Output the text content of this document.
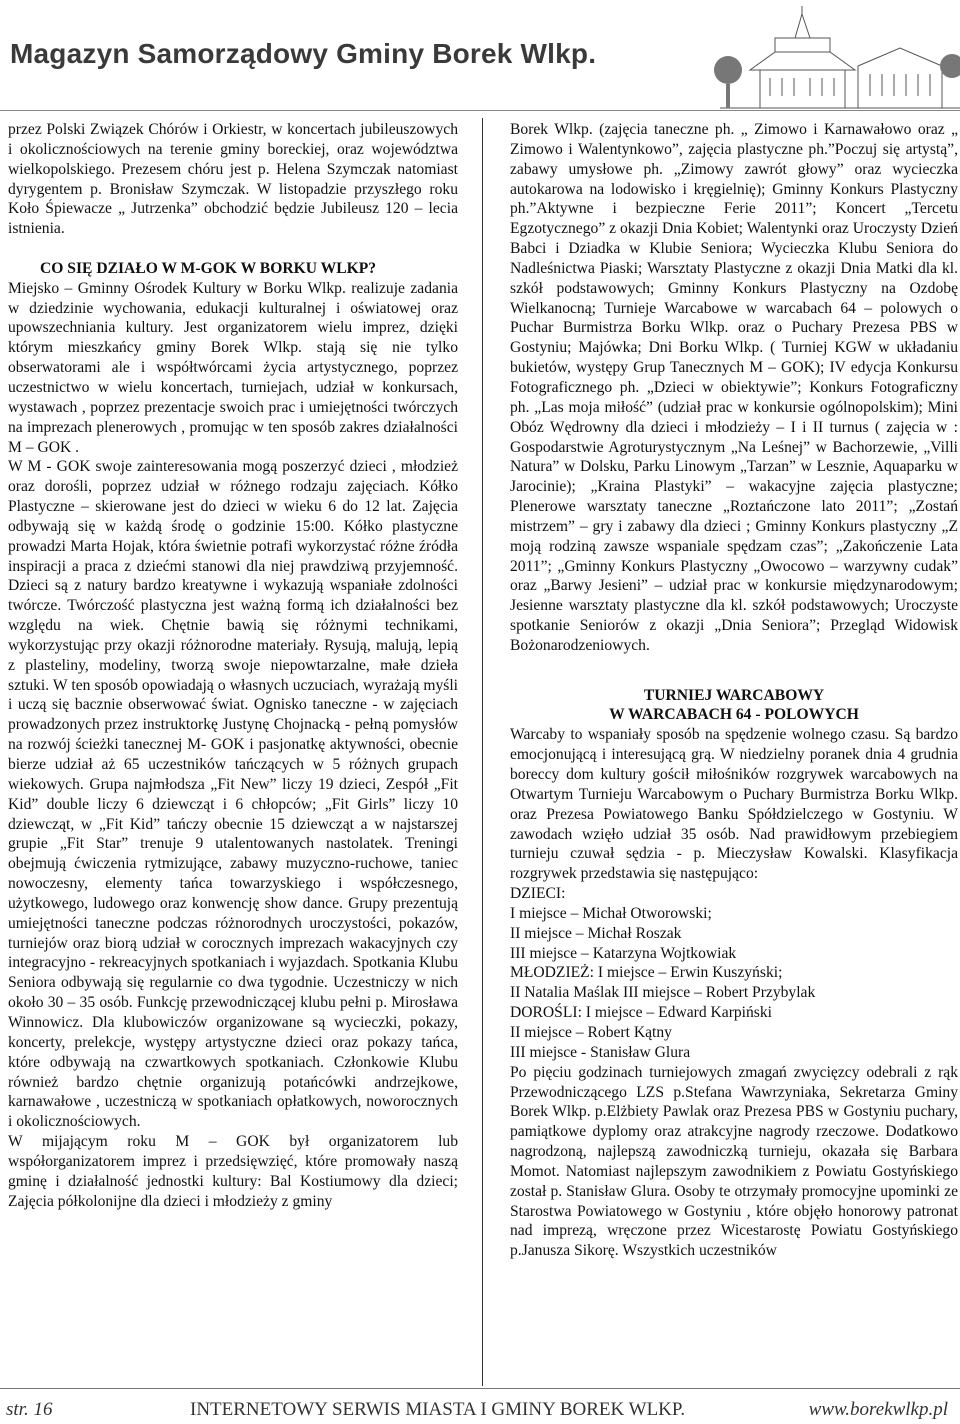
Magazyn Samorządowy Gminy Borek Wlkp.

przez Polski Związek Chórów i Orkiestr, w koncertach jubileuszowych i okolicznościowych na terenie gminy boreckiej, oraz województwa wielkopolskiego. Prezesem chóru jest p. Helena Szymczak natomiast dyrygentem p. Bronisław Szymczak. W listopadzie przyszłego roku Koło Śpiewacze „ Jutrzenka” obchodzić będzie Jubileusz 120 – lecia istnienia.

CO SIĘ DZIAŁO W M-GOK W BORKU WLKP?

Miejsko – Gminny Ośrodek Kultury w Borku Wlkp. realizuje zadania w dziedzinie wychowania, edukacji kulturalnej i oświatowej oraz upowszechniania kultury. Jest organizatorem wielu imprez, dzięki którym mieszkańcy gminy Borek Wlkp. stają się nie tylko obserwatorami ale i współtwórcami życia artystycznego, poprzez uczestnictwo w wielu koncertach, turniejach, udział w konkursach, wystawach , poprzez prezentacje swoich prac i umiejętności twórczych na imprezach plenerowych , promując w ten sposób zakres działalności M – GOK .

W M - GOK swoje zainteresowania mogą poszerzyć dzieci , młodzież oraz dorośli, poprzez udział w różnego rodzaju zajęciach. Kółko Plastyczne – skierowane jest do dzieci w wieku 6 do 12 lat. Zajęcia odbywają się w każdą środę o godzinie 15:00. Kółko plastyczne prowadzi Marta Hojak, która świetnie potrafi wykorzystać różne źródła inspiracji a praca z dziećmi stanowi dla niej prawdziwą przyjemność. Dzieci są z natury bardzo kreatywne i wykazują wspaniałe zdolności twórcze. Twórczość plastyczna jest ważną formą ich działalności bez względu na wiek. Chętnie bawią się różnymi technikami, wykorzystując przy okazji różnorodne materiały. Rysują, malują, lepią z plasteliny, modeliny, tworzą swoje niepowtarzalne, małe dzieła sztuki. W ten sposób opowiadają o własnych uczuciach, wyrażają myśli i uczą się bacznie obserwować świat. Ognisko taneczne - w zajęciach prowadzonych przez instruktorkę Justynę Chojnacką - pełną pomysłów na rozwój ścieżki tanecznej M- GOK i pasjonatkę aktywności, obecnie bierze udział aż 65 uczestników tańczących w 5 różnych grupach wiekowych. Grupa najmłodsza „Fit New” liczy 19 dzieci, Zespół „Fit Kid” double liczy 6 dziewcząt i 6 chłopców; „Fit Girls” liczy 10 dziewcząt, w „Fit Kid” tańczy obecnie 15 dziewcząt a w najstarszej grupie „Fit Star” trenuje 9 utalentowanych nastolatek. Treningi obejmują ćwiczenia rytmizujące, zabawy muzyczno-ruchowe, taniec nowoczesny, elementy tańca towarzyskiego i współczesnego, użytkowego, ludowego oraz konwencję show dance. Grupy prezentują umiejętności taneczne podczas różnorodnych uroczystości, pokazów, turniejów oraz biorą udział w corocznych imprezach wakacyjnych czy integracyjno - rekreacyjnych spotkaniach i wyjazdach. Spotkania Klubu Seniora odbywają się regularnie co dwa tygodnie. Uczestniczy w nich około 30 – 35 osób. Funkcję przewodniczącej klubu pełni p. Mirosława Winnowicz. Dla klubowiczów organizowane są wycieczki, pokazy, koncerty, prelekcje, występy artystyczne dzieci oraz pokazy tańca, które odbywają na czwartkowych spotkaniach. Członkowie Klubu również bardzo chętnie organizują potańcówki andrzejkowe, karnawałowe , uczestniczą w spotkaniach opłatkowych, noworocznych i okolicznościowych.

W mijającym roku M – GOK był organizatorem lub współorganizatorem imprez i przedsięwzięć, które promowały naszą gminę i działalność jednostki kultury: Bal Kostiumowy dla dzieci; Zajęcia półkolonijne dla dzieci i młodzieży z gminy

Borek Wlkp. (zajęcia taneczne ph. „ Zimowo i Karnawałowo oraz „ Zimowo i Walentynkowo”, zajęcia plastyczne ph.”Poczuj się artystą”, zabawy umysłowe ph. „Zimowy zawrót głowy” oraz wycieczka autokarowa na lodowisko i kręgielnię); Gminny Konkurs Plastyczny ph.”Aktywne i bezpieczne Ferie 2011”; Koncert „Tercetu Egzotycznego” z okazji Dnia Kobiet; Walentynki oraz Uroczysty Dzień Babci i Dziadka w Klubie Seniora; Wycieczka Klubu Seniora do Nadleśnictwa Piaski; Warsztaty Plastyczne z okazji Dnia Matki dla kl. szkół podstawowych; Gminny Konkurs Plastyczny na Ozdobę Wielkanocną; Turnieje Warcabowe w warcabach 64 – polowych o Puchar Burmistrza Borku Wlkp. oraz o Puchary Prezesa PBS w Gostyniu; Majówka; Dni Borku Wlkp. ( Turniej KGW w układaniu bukietów, występy Grup Tanecznych M – GOK); IV edycja Konkursu Fotograficznego ph. „Dzieci w obiektywie”; Konkurs Fotograficzny ph. „Las moja miłość” (udział prac w konkursie ogólnopolskim); Mini Obóz Wędrowny dla dzieci i młodzieży – I i II turnus ( zajęcia w : Gospodarstwie Agroturystycznym „Na Leśnej” w Bachorzewie, „Villi Natura” w Dolsku, Parku Linowym „Tarzan” w Lesznie, Aquaparku w Jarocinie); „Kraina Plastyki” – wakacyjne zajęcia plastyczne; Plenerowe warsztaty taneczne „Roztańczone lato 2011”; „Zostań mistrzem” – gry i zabawy dla dzieci ; Gminny Konkurs plastyczny „Z moją rodziną zawsze wspaniale spędzam czas”; „Zakończenie Lata 2011”; „Gminny Konkurs Plastyczny „Owocowo – warzywny cudak” oraz „Barwy Jesieni” – udział prac w konkursie międzynarodowym; Jesienne warsztaty plastyczne dla kl. szkół podstawowych; Uroczyste spotkanie Seniorów z okazji „Dnia Seniora”; Przegląd Widowisk Bożonarodzeniowych.

TURNIEJ WARCABOWY
W WARCABACH 64 - POLOWYCH

Warcaby to wspaniały sposób na spędzenie wolnego czasu. Są bardzo emocjonującą i interesującą grą. W niedzielny poranek dnia 4 grudnia boreccy dom kultury gościł miłośników rozgrywek warcabowych na Otwartym Turnieju Warcabowym o Puchary Burmistrza Borku Wlkp. oraz Prezesa Powiatowego Banku Spółdzielczego w Gostyniu. W zawodach wzięło udział 35 osób. Nad prawidłowym przebiegiem turnieju czuwał sędzia - p. Mieczysław Kowalski. Klasyfikacja rozgrywek przedstawia się następująco:

DZIECI:
I miejsce – Michał Otworowski;
II miejsce – Michał Roszak
III miejsce – Katarzyna Wojtkowiak
MŁODZIEŻ: I miejsce – Erwin Kuszyński;
II Natalia Maślak III miejsce – Robert Przybylak
DOROŚLI: I miejsce – Edward Karpiński
II miejsce – Robert Kątny
III miejsce - Stanisław Glura

Po pięciu godzinach turniejowych zmagań zwycięzcy odebrali z rąk Przewodniczącego LZS p.Stefana Wawrzyniaka, Sekretarza Gminy Borek Wlkp. p.Elżbiety Pawlak oraz Prezesa PBS w Gostyniu puchary, pamiątkowe dyplomy oraz atrakcyjne nagrody rzeczowe. Dodatkowo nagrodzoną, najlepszą zawodniczką turnieju, okazała się Barbara Momot. Natomiast najlepszym zawodnikiem z Powiatu Gostyńskiego został p. Stanisław Glura. Osoby te otrzymały promocyjne upominki ze Starostwa Powiatowego w Gostyniu , które objęło honorowy patronat nad imprezą, wręczone przez Wicestarostę Powiatu Gostyńskiego p.Janusza Sikorę. Wszystkich uczestników

str. 16	INTERNETOWY SERWIS MIASTA I GMINY BOREK WLKP.	www.borekwlkp.pl
